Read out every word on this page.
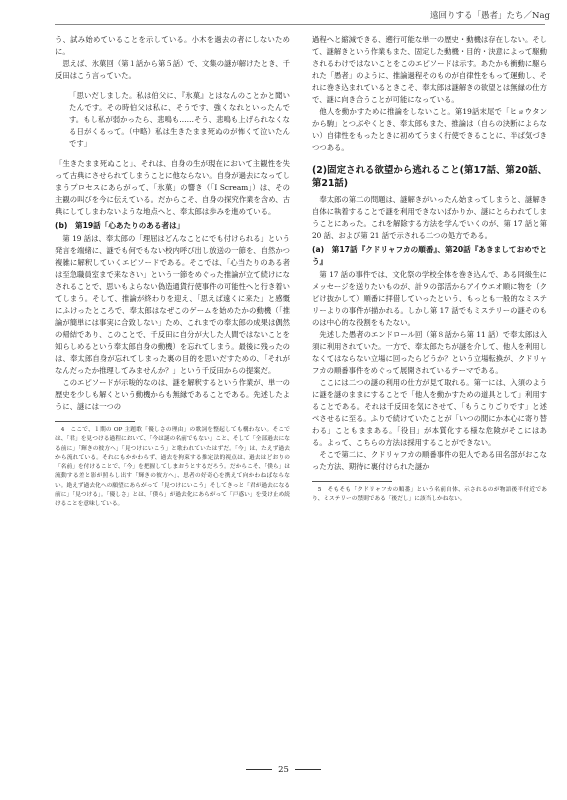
遠回りする「愚者」たち／Nag

う、試み始めていることを示している。小木を過去の者にしないために。

思えば、氷菓回（第１話から第５話）で、文集の謎が解けたとき、千反田はこう言っていた。

「思いだしました。私は伯父に、『氷菓』とはなんのことかと聞いたんです。その時伯父は私に、そうです、強くなれといったんです。もし私が弱かったら、悲鳴も……そう、悲鳴も上げられなくなる日がくるって。（中略）私は生きたまま死ぬのが怖くて泣いたんです」

「生きたまま死ぬこと」、それは、自身の生が現在において主観性を失って古典にさせられてしまうことに他ならない。自身が過去になってしまうプロセスにあらがって、「氷菓」の響き（「I Scream」）は、その主観の叫びを今に伝えている。だからこそ、自身の探究作業を含め、古典にしてしまわないような地点へと、奉太郎は歩みを進めている。

(b)　第19話「心あたりのある者は」

第 19 話は、奉太郎の「理屈はどんなことにでも付けられる」という発言を端緒に、謎でも何でもない校内呼び出し放送の一節を、自然かつ複雑に解釈していくエピソードである。そこでは、「心当たりのある者は至急職員室まで来なさい」という一節をめぐった推論が立て続けになされることで、思いもよらない偽造通貨行使事件の可能性へと行き着いてしまう。そして、推論が終わりを迎え、「思えば遠くに来た」と感慨にふけったところで、奉太郎はなぜこのゲームを始めたかの動機（「推論が簡単には事実に合致しない」ため、これまでの奉太郎の成果は偶然の帰結であり、このことで、千反田に自分が大した人間ではないことを知らしめるという奉太郎自身の動機）を忘れてしまう。最後に残ったのは、奉太郎自身が忘れてしまった裏の目的を思いだすための、「それがなんだったか推理してみませんか？」という千反田からの提案だ。

このエピソードが示唆的なのは、謎を解釈するという作業が、単一の歴史を少しも解くという動機からも無縁であることである。先述したように、謎には一つの

4　ここで、１期の OP 主題歌「優しさの理由」の歌詞を整起しても構わない。そこでは、「君」を見つける過程において、「今は謎の名前でもない」こと、そして「全部過去になる前に」「輝きの彼方へ」「見つけにいこう」と歌われていたはずだ。「今」は、たえず過去から流れている。それにもかかわらず、過去を拘束する推定法的視点は、過去はどおりの「名前」を付けることで、「今」を把握してしまおうとするだろう。だからこそ、「僕ら」は流動する差と影が照らし出す「輝きの彼方へ」、思者の好奇心を携えて向かわねばならない。絶えず過去化への願望にあらがって「見つけにいこう」そしてきっと「君が過去になる前に」「見つける」。「優しさ」とは、「僕ら」が過去化にあらがって「戸惑い」を受け止め続けることを意味している。

過程へと縮減できる、遡行可能な単一の歴史・動機は存在しない。そして、謎解きという作業もまた、固定した動機・目的・決意によって駆動されるわけではないことをこのエピソードは示す。あたかも衝動に駆られた「愚者」のように、推論過程そのものが自律性をもって運動し、それに巻き込まれているときこそ、奉太郎は謎解きの欲望とは無縁の仕方で、謎に向き合うことが可能になっている。

他人を動かすために推論をしないこと。第19話末尾で「ヒョウタンから駒」とつぶやくとき、奉太郎もまた、推論は（自らの決断によらない）自律性をもったときに初めてうまく行使できることに、半ば気づきつつある。

(2)固定される欲望から逃れること(第17話、第20話、第21話)

奉太郎の第二の問題は、謎解きがいったん始まってしまうと、謎解き自体に執着することで謎を利用できないばかりか、謎にとらわれてしまうことにあった。これを解除する方法を学んでいくのが、第 17 話と第 20 話、および第 21 話で示される二つの処方である。

(a)　第17話『クドリャフカの順番』、第20話『あきましておめでとう』

第 17 話の事件では、文化祭の学校全体を巻き込んで、ある同級生にメッセージを送りたいものが、計９の部活からアイウエオ順に物を（クビけ抜かして）順番に拝借していったという、もっとも一般的なミステリーよりの事件が描かれる。しかし第 17 話でもミステリーの謎そのものは中心的な役割をもたない。

先述した愚者のエンドロール回（第８話から第 11 話）で奉太郎は入須に利用されていた。一方で、奉太郎たちが謎を介して、他人を利用しなくてはならない立場に回ったらどうか？という立場転換が、クドリャフカの順番事件をめぐって展開されているテーマである。

ここには二つの謎の利用の仕方が見て取れる。第一には、入須のように謎を謎のままにすることで「他人を動かすための道具として」利用することである。それは千反田を気にさせて、「もうこりごりです」と述べさせるに至る。ふりで続けていたことが「いつの間にか本心に寄り替わる」こともままある。「役目」が本質化する様な危険がそこにはある。よって、こちらの方法は採用することができない。

そこで第二に、クドリャフカの順番事件の犯人である田名部がおこなった方法、期待に裏付けられた謎か

5　そもそも「クドリャフカの順番」という名前自体、示されるのが物語後半付近であり、ミステリーの禁則である「後だし」に該当しかねない。

25
